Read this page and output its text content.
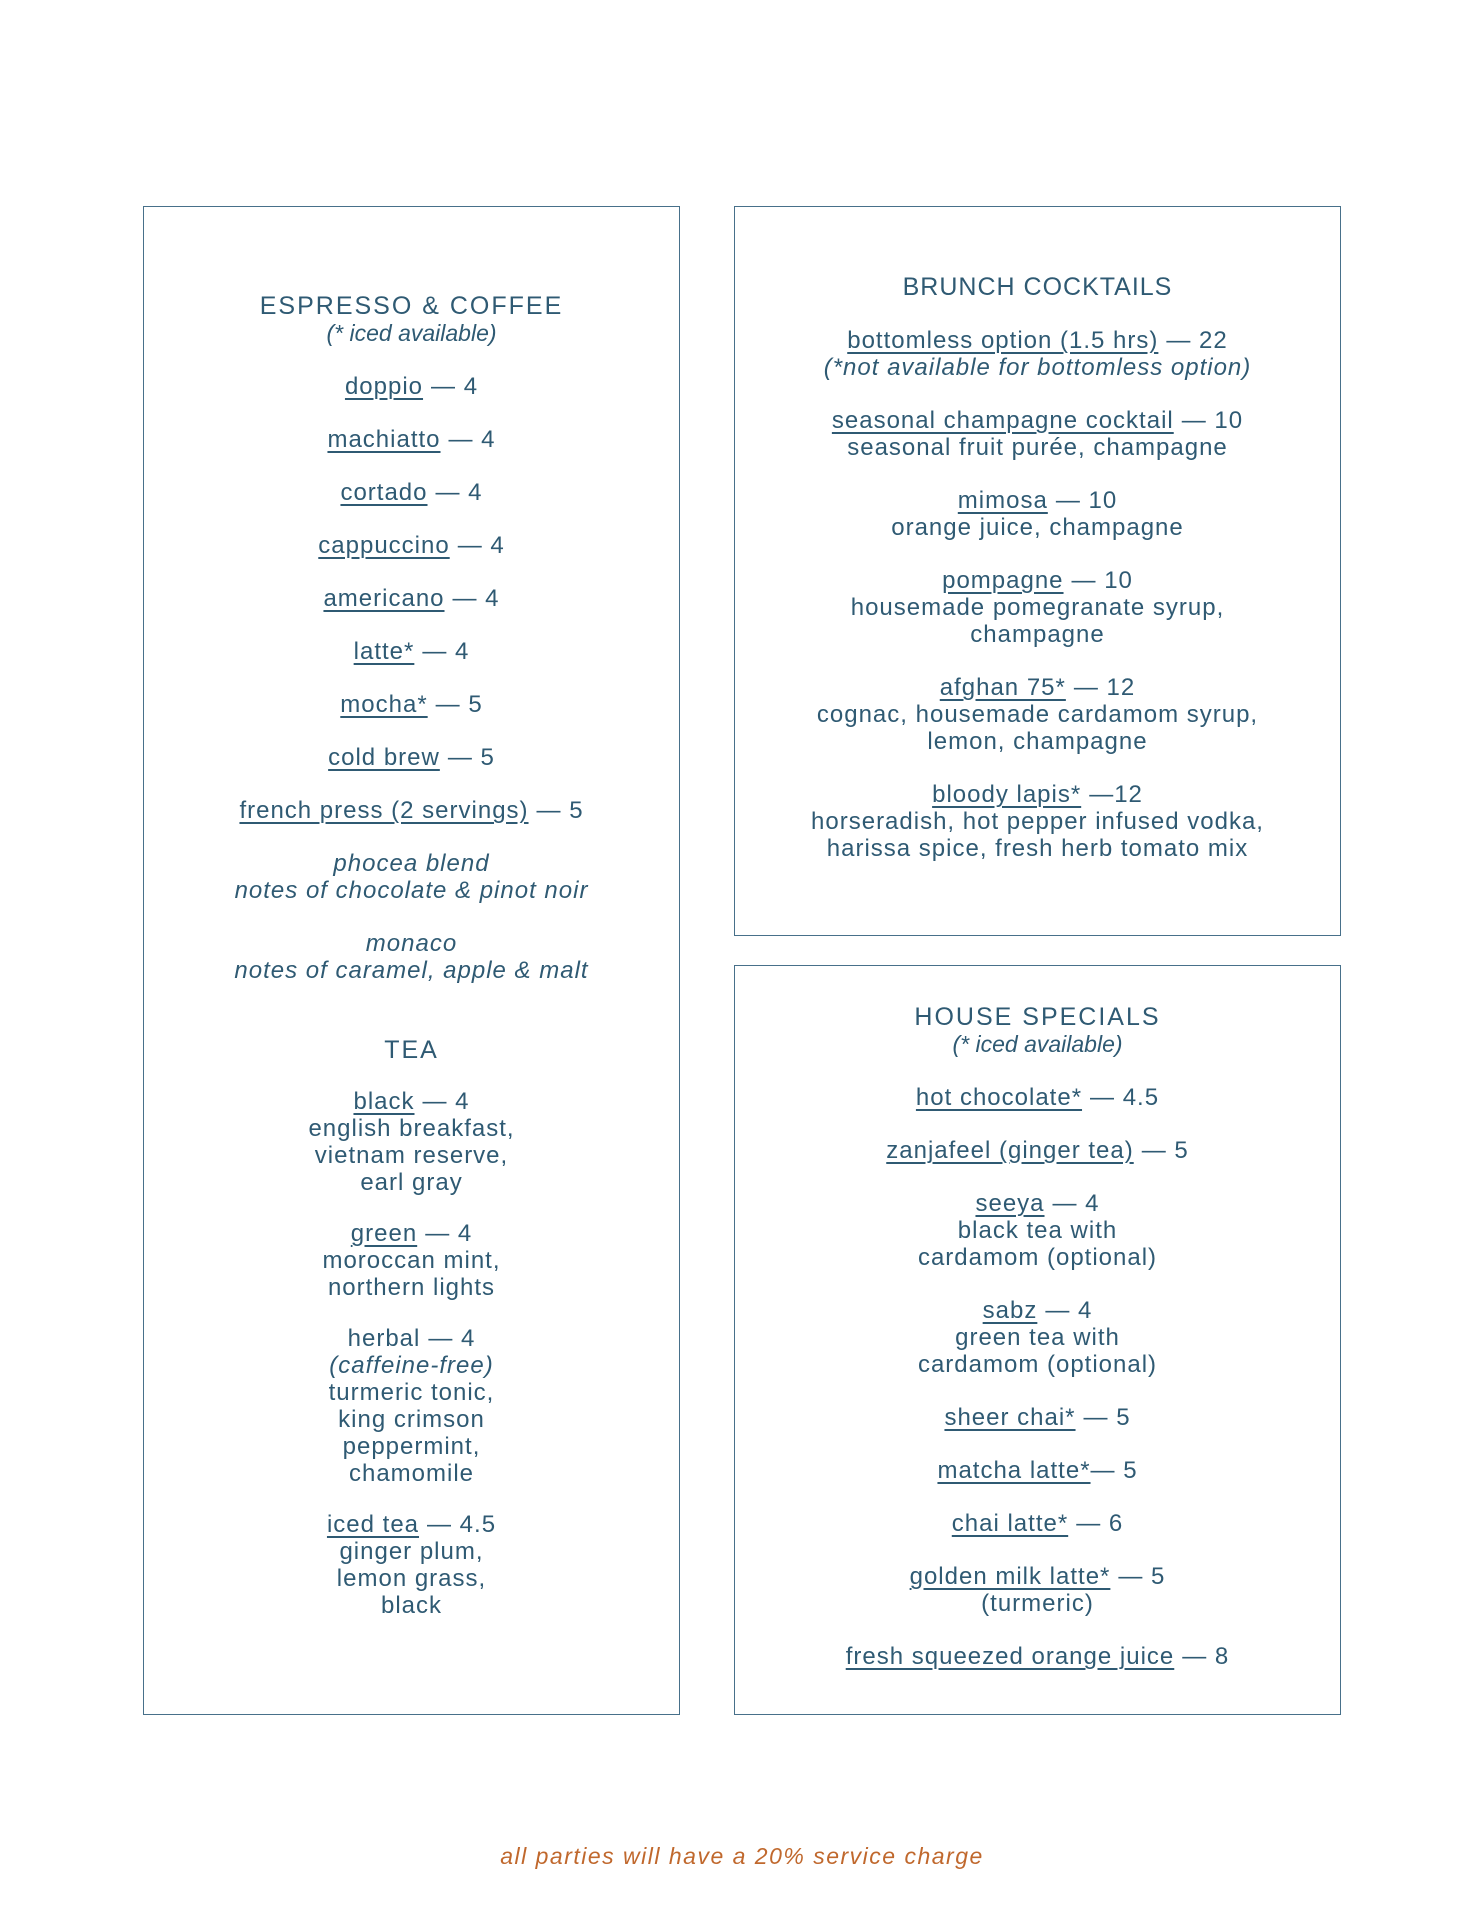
ESPRESSO & COFFEE
(* iced available)
doppio — 4
machiatto — 4
cortado — 4
cappuccino — 4
americano — 4
latte* — 4
mocha* — 5
cold brew — 5
french press (2 servings) — 5
phocea blend
notes of chocolate & pinot noir
monaco
notes of caramel, apple & malt
TEA
black — 4
english breakfast,
vietnam reserve,
earl gray
green — 4
moroccan mint,
northern lights
herbal — 4
(caffeine-free)
turmeric tonic,
king crimson
peppermint,
chamomile
iced tea — 4.5
ginger plum,
lemon grass,
black
BRUNCH COCKTAILS
bottomless option (1.5 hrs) — 22
(*not available for bottomless option)
seasonal champagne cocktail — 10
seasonal fruit purée, champagne
mimosa — 10
orange juice, champagne
pompagne — 10
housemade pomegranate syrup,
champagne
afghan 75* — 12
cognac, housemade cardamom syrup,
lemon, champagne
bloody lapis* —12
horseradish, hot pepper infused vodka,
harissa spice, fresh herb tomato mix
HOUSE SPECIALS
(* iced available)
hot chocolate* — 4.5
zanjafeel (ginger tea) — 5
seeya — 4
black tea with
cardamom (optional)
sabz — 4
green tea with
cardamom (optional)
sheer chai* — 5
matcha latte*— 5
chai latte* — 6
golden milk latte* — 5
(turmeric)
fresh squeezed orange juice — 8
all parties will have a 20% service charge
